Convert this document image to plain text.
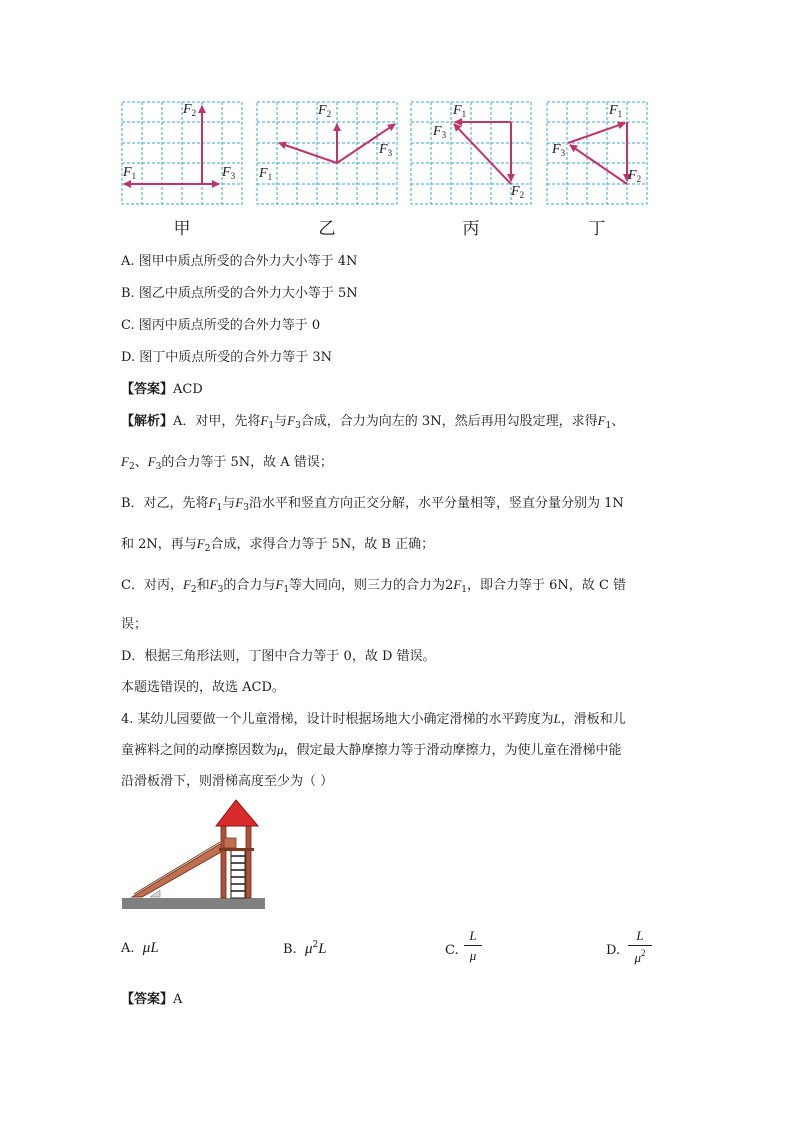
$F_2$
$F_1$	$F_3$
$F_2$
$F_3$
$F_1$
$F_1$
$F_3$
$F_2$
$F_1$
$F_3$
$F_2$
甲	乙	丙	丁
A. 图甲中质点所受的合外力大小等于 4N
B. 图乙中质点所受的合外力大小等于 5N
C. 图丙中质点所受的合外力等于 0
D. 图丁中质点所受的合外力等于 3N
【答案】ACD
【解析】A．对甲，先将$F_1$与$F_3$合成，合力为向左的 3N，然后再用勾股定理，求得$F_1$、
$F_2$、$F_3$的合力等于 5N，故 A 错误；
B．对乙，先将$F_1$与$F_3$沿水平和竖直方向正交分解，水平分量相等，竖直分量分别为 1N
和 2N，再与$F_2$合成，求得合力等于 5N，故 B 正确；
C．对丙，$F_2$和$F_3$的合力与$F_1$等大同向，则三力的合力为$2F_1$，即合力等于 6N，故 C 错
误；
D．根据三角形法则，丁图中合力等于 0，故 D 错误。
本题选错误的，故选 ACD。
4. 某幼儿园要做一个儿童滑梯，设计时根据场地大小确定滑梯的水平跨度为L，滑板和儿
童裤料之间的动摩擦因数为μ，假定最大静摩擦力等于滑动摩擦力，为使儿童在滑梯中能
沿滑板滑下，则滑梯高度至少为（ ）
A. μL	B. $\mu^2L$	C. $\frac{L}{\mu}$	D. $\frac{L}{\mu^2}$
【答案】A
